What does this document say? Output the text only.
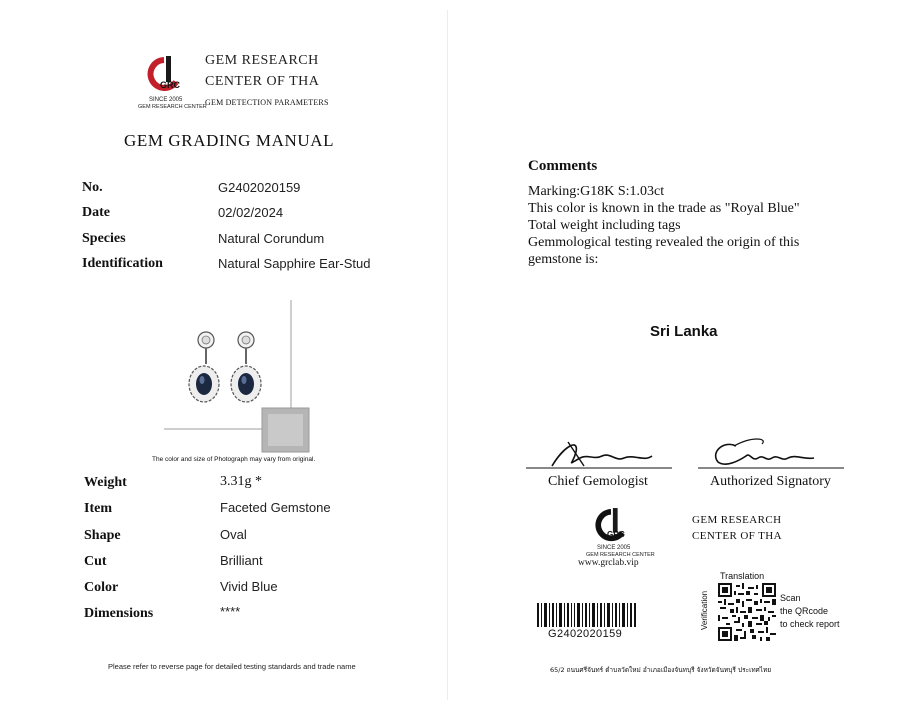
GRC
SINCE 2005
GEM RESEARCH CENTER
GEM RESEARCH
CENTER OF THA
GEM DETECTION PARAMETERS
GEM GRADING MANUAL
No.	G2402020159
Date	02/02/2024
Species	Natural Corundum
Identification	Natural Sapphire Ear-Stud
The color and size of Photograph may vary from original.
Weight	3.31g *
Item	Faceted Gemstone
Shape	Oval
Cut	Brilliant
Color	Vivid Blue
Dimensions	****
Please refer to reverse page for detailed testing standards and trade name
Comments
Marking:G18K S:1.03ct
This color is known in the trade as "Royal Blue"
Total weight including tags
Gemmological testing revealed the origin of this
gemstone is:
Sri Lanka
Chief Gemologist	Authorized Signatory
GRC
SINCE 2005
GEM RESEARCH CENTER
www.grclab.vip
GEM RESEARCH
CENTER OF THA
G2402020159
Translation
Verification	Scan
the QRcode
to check report
65/2 ถนนศรีจันทร์ ตำบลวัดใหม่ อำเภอเมืองจันทบุรี จังหวัดจันทบุรี ประเทศไทย
